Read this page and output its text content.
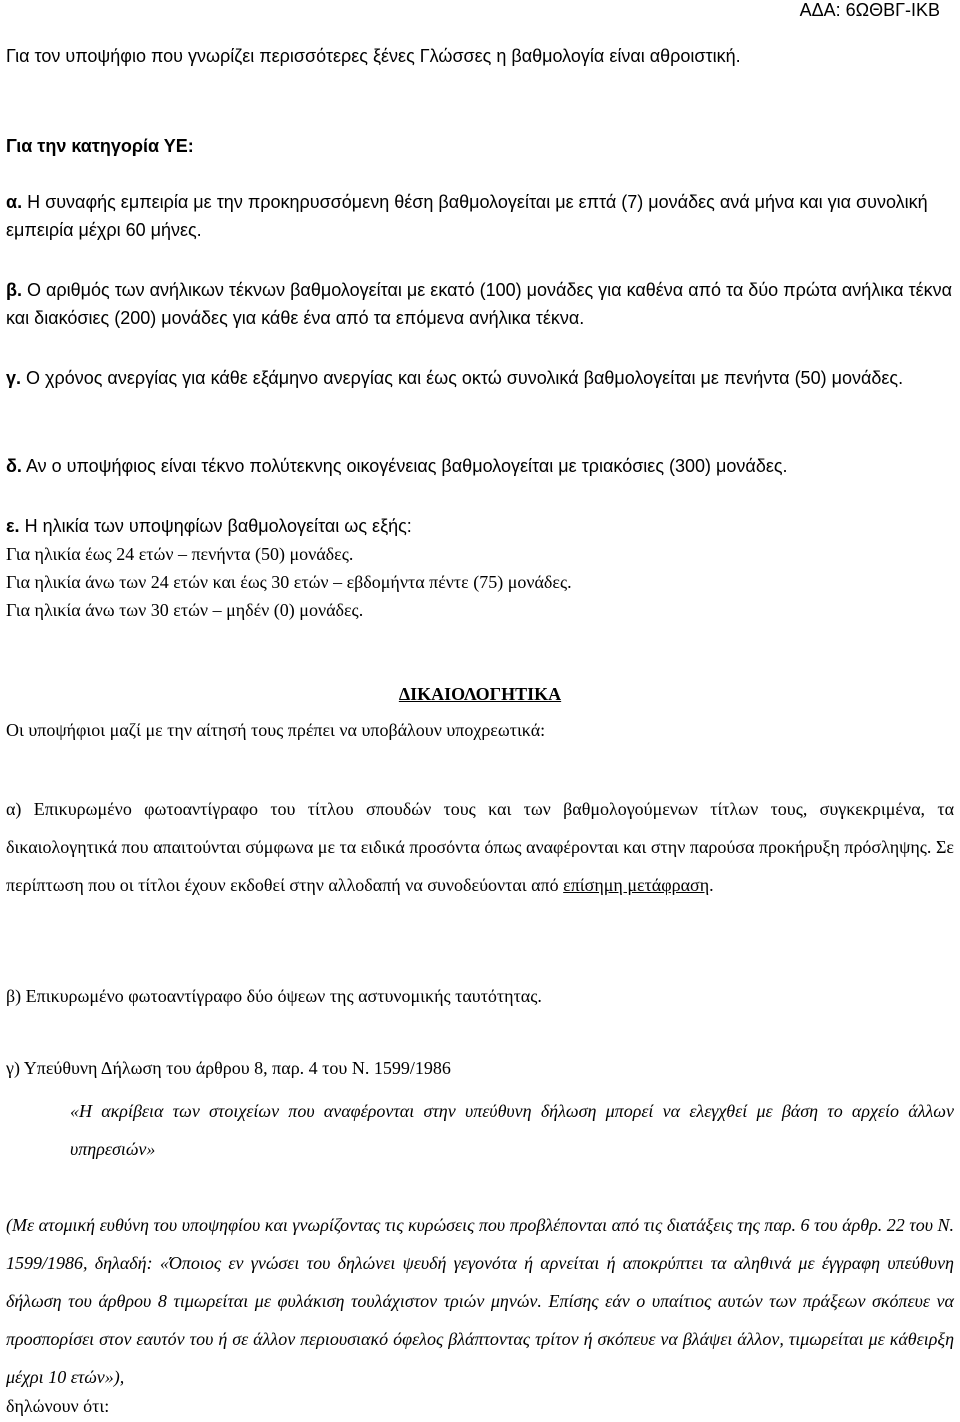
ΑΔΑ: 6ΩΘΒΓ-ΙΚΒ
Για τον υποψήφιο που γνωρίζει περισσότερες ξένες Γλώσσες η βαθμολογία είναι αθροιστική.
Για την κατηγορία ΥΕ:
α. Η συναφής εμπειρία με την προκηρυσσόμενη θέση βαθμολογείται με επτά (7) μονάδες ανά μήνα και για συνολική εμπειρία μέχρι 60 μήνες.
β. Ο αριθμός των ανήλικων τέκνων βαθμολογείται με εκατό (100) μονάδες για καθένα από τα δύο πρώτα ανήλικα τέκνα και διακόσιες (200) μονάδες για κάθε ένα από τα επόμενα ανήλικα τέκνα.
γ. Ο χρόνος ανεργίας για κάθε εξάμηνο ανεργίας και έως οκτώ συνολικά βαθμολογείται με πενήντα (50) μονάδες.
δ. Αν ο υποψήφιος είναι τέκνο πολύτεκνης οικογένειας βαθμολογείται με τριακόσιες (300) μονάδες.
ε. Η ηλικία των υποψηφίων βαθμολογείται ως εξής:
Για ηλικία έως 24 ετών – πενήντα (50) μονάδες.
Για ηλικία άνω των 24 ετών και έως 30 ετών – εβδομήντα πέντε (75) μονάδες.
Για ηλικία άνω των 30 ετών – μηδέν (0) μονάδες.
ΔΙΚΑΙΟΛΟΓΗΤΙΚΑ
Οι υποψήφιοι μαζί με την αίτησή τους πρέπει να υποβάλουν υποχρεωτικά:
α) Επικυρωμένο φωτοαντίγραφο του τίτλου σπουδών τους και των βαθμολογούμενων τίτλων τους, συγκεκριμένα, τα δικαιολογητικά που απαιτούνται σύμφωνα με τα ειδικά προσόντα όπως αναφέρονται και στην παρούσα προκήρυξη πρόσληψης. Σε περίπτωση που οι τίτλοι έχουν εκδοθεί στην αλλοδαπή να συνοδεύονται από επίσημη μετάφραση.
β) Επικυρωμένο φωτοαντίγραφο δύο όψεων της αστυνομικής ταυτότητας.
γ) Υπεύθυνη Δήλωση του άρθρου 8, παρ. 4 του Ν. 1599/1986
«Η ακρίβεια των στοιχείων που αναφέρονται στην υπεύθυνη δήλωση μπορεί να ελεγχθεί με βάση το αρχείο άλλων υπηρεσιών»
(Με ατομική ευθύνη του υποψηφίου και γνωρίζοντας τις κυρώσεις που προβλέπονται από τις διατάξεις της παρ. 6 του άρθρ. 22 του Ν. 1599/1986, δηλαδή: «Όποιος εν γνώσει του δηλώνει ψευδή γεγονότα ή αρνείται ή αποκρύπτει τα αληθινά με έγγραφη υπεύθυνη δήλωση του άρθρου 8 τιμωρείται με φυλάκιση τουλάχιστον τριών μηνών. Επίσης εάν ο υπαίτιος αυτών των πράξεων σκόπευε να προσπορίσει στον εαυτόν του ή σε άλλον περιουσιακό όφελος βλάπτοντας τρίτον ή σκόπευε να βλάψει άλλον, τιμωρείται με κάθειρξη μέχρι 10 ετών»),
δηλώνουν ότι:
